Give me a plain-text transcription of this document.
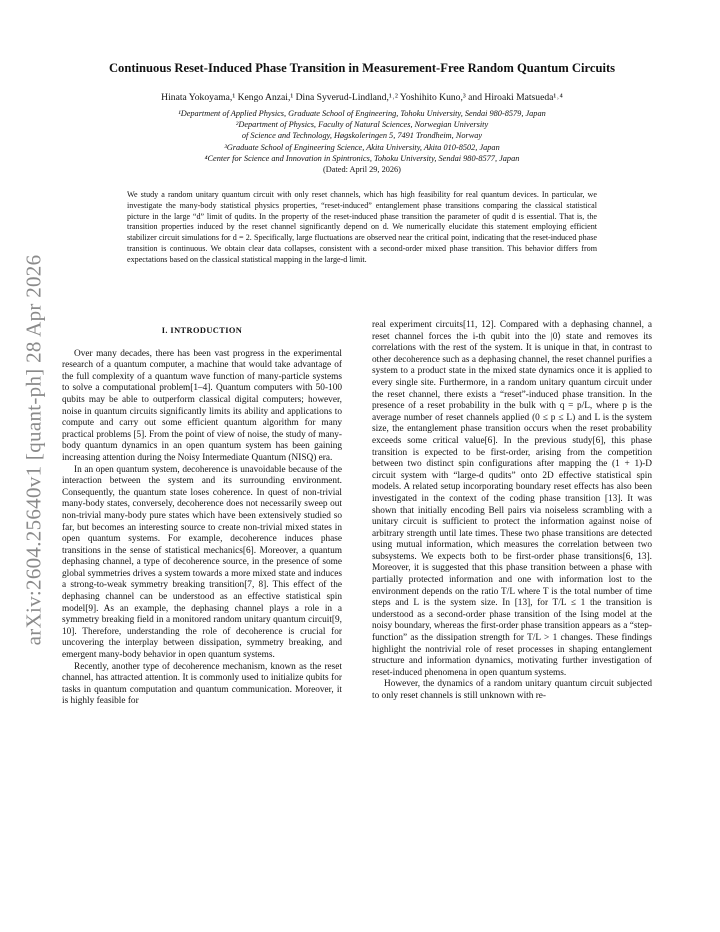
arXiv:2604.25640v1 [quant-ph] 28 Apr 2026
Continuous Reset-Induced Phase Transition in Measurement-Free Random Quantum Circuits
Hinata Yokoyama,¹ Kengo Anzai,¹ Dina Syverud-Lindland,¹˒² Yoshihito Kuno,³ and Hiroaki Matsueda¹˒⁴
¹Department of Applied Physics, Graduate School of Engineering, Tohoku University, Sendai 980-8579, Japan
²Department of Physics, Faculty of Natural Sciences, Norwegian University
of Science and Technology, Høgskoleringen 5, 7491 Trondheim, Norway
³Graduate School of Engineering Science, Akita University, Akita 010-8502, Japan
⁴Center for Science and Innovation in Spintronics, Tohoku University, Sendai 980-8577, Japan
(Dated: April 29, 2026)
We study a random unitary quantum circuit with only reset channels, which has high feasibility for real quantum devices. In particular, we investigate the many-body statistical physics properties, “reset-induced” entanglement phase transitions comparing the classical statistical picture in the large “d” limit of qudits. In the property of the reset-induced phase transition the parameter of qudit d is essential. That is, the transition properties induced by the reset channel significantly depend on d. We numerically elucidate this statement employing efficient stabilizer circuit simulations for d = 2. Specifically, large fluctuations are observed near the critical point, indicating that the reset-induced phase transition is continuous. We obtain clear data collapses, consistent with a second-order mixed phase transition. This behavior differs from expectations based on the classical statistical mapping in the large-d limit.
I. INTRODUCTION

Over many decades, there has been vast progress in the experimental research of a quantum computer, a machine that would take advantage of the full complexity of a quantum wave function of many-particle systems to solve a computational problem[1–4]. Quantum computers with 50-100 qubits may be able to outperform classical digital computers; however, noise in quantum circuits significantly limits its ability and applications to compute and carry out some efficient quantum algorithm for many practical problems [5]. From the point of view of noise, the study of many-body quantum dynamics in an open quantum system has been gaining increasing attention during the Noisy Intermediate Quantum (NISQ) era.

In an open quantum system, decoherence is unavoidable because of the interaction between the system and its surrounding environment. Consequently, the quantum state loses coherence. In quest of non-trivial many-body states, conversely, decoherence does not necessarily sweep out non-trivial many-body pure states which have been extensively studied so far, but becomes an interesting source to create non-trivial mixed states in open quantum systems. For example, decoherence induces phase transitions in the sense of statistical mechanics[6]. Moreover, a quantum dephasing channel, a type of decoherence source, in the presence of some global symmetries drives a system towards a more mixed state and induces a strong-to-weak symmetry breaking transition[7, 8]. This effect of the dephasing channel can be understood as an effective statistical spin model[9]. As an example, the dephasing channel plays a role in a symmetry breaking field in a monitored random unitary quantum circuit[9, 10]. Therefore, understanding the role of decoherence is crucial for uncovering the interplay between dissipation, symmetry breaking, and emergent many-body behavior in open quantum systems.

Recently, another type of decoherence mechanism, known as the reset channel, has attracted attention. It is commonly used to initialize qubits for tasks in quantum computation and quantum communication. Moreover, it is highly feasible for

real experiment circuits[11, 12]. Compared with a dephasing channel, a reset channel forces the i-th qubit into the |0⟩ state and removes its correlations with the rest of the system. It is unique in that, in contrast to other decoherence such as a dephasing channel, the reset channel purifies a system to a product state in the mixed state dynamics once it is applied to every single site. Furthermore, in a random unitary quantum circuit under the reset channel, there exists a “reset”-induced phase transition. In the presence of a reset probability in the bulk with q = p/L, where p is the average number of reset channels applied (0 ≤ p ≤ L) and L is the system size, the entanglement phase transition occurs when the reset probability exceeds some critical value[6]. In the previous study[6], this phase transition is expected to be first-order, arising from the competition between two distinct spin configurations after mapping the (1 + 1)-D circuit system with “large-d qudits” onto 2D effective statistical spin models. A related setup incorporating boundary reset effects has also been investigated in the context of the coding phase transition [13]. It was shown that initially encoding Bell pairs via noiseless scrambling with a unitary circuit is sufficient to protect the information against noise of arbitrary strength until late times. These two phase transitions are detected using mutual information, which measures the correlation between two subsystems. We expects both to be first-order phase transitions[6, 13]. Moreover, it is suggested that this phase transition between a phase with partially protected information and one with information lost to the environment depends on the ratio T/L where T is the total number of time steps and L is the system size. In [13], for T/L ≤ 1 the transition is understood as a second-order phase transition of the Ising model at the noisy boundary, whereas the first-order phase transition appears as a “step-function” as the dissipation strength for T/L > 1 changes. These findings highlight the nontrivial role of reset processes in shaping entanglement structure and information dynamics, motivating further investigation of reset-induced phenomena in open quantum systems.

However, the dynamics of a random unitary quantum circuit subjected to only reset channels is still unknown with re-
